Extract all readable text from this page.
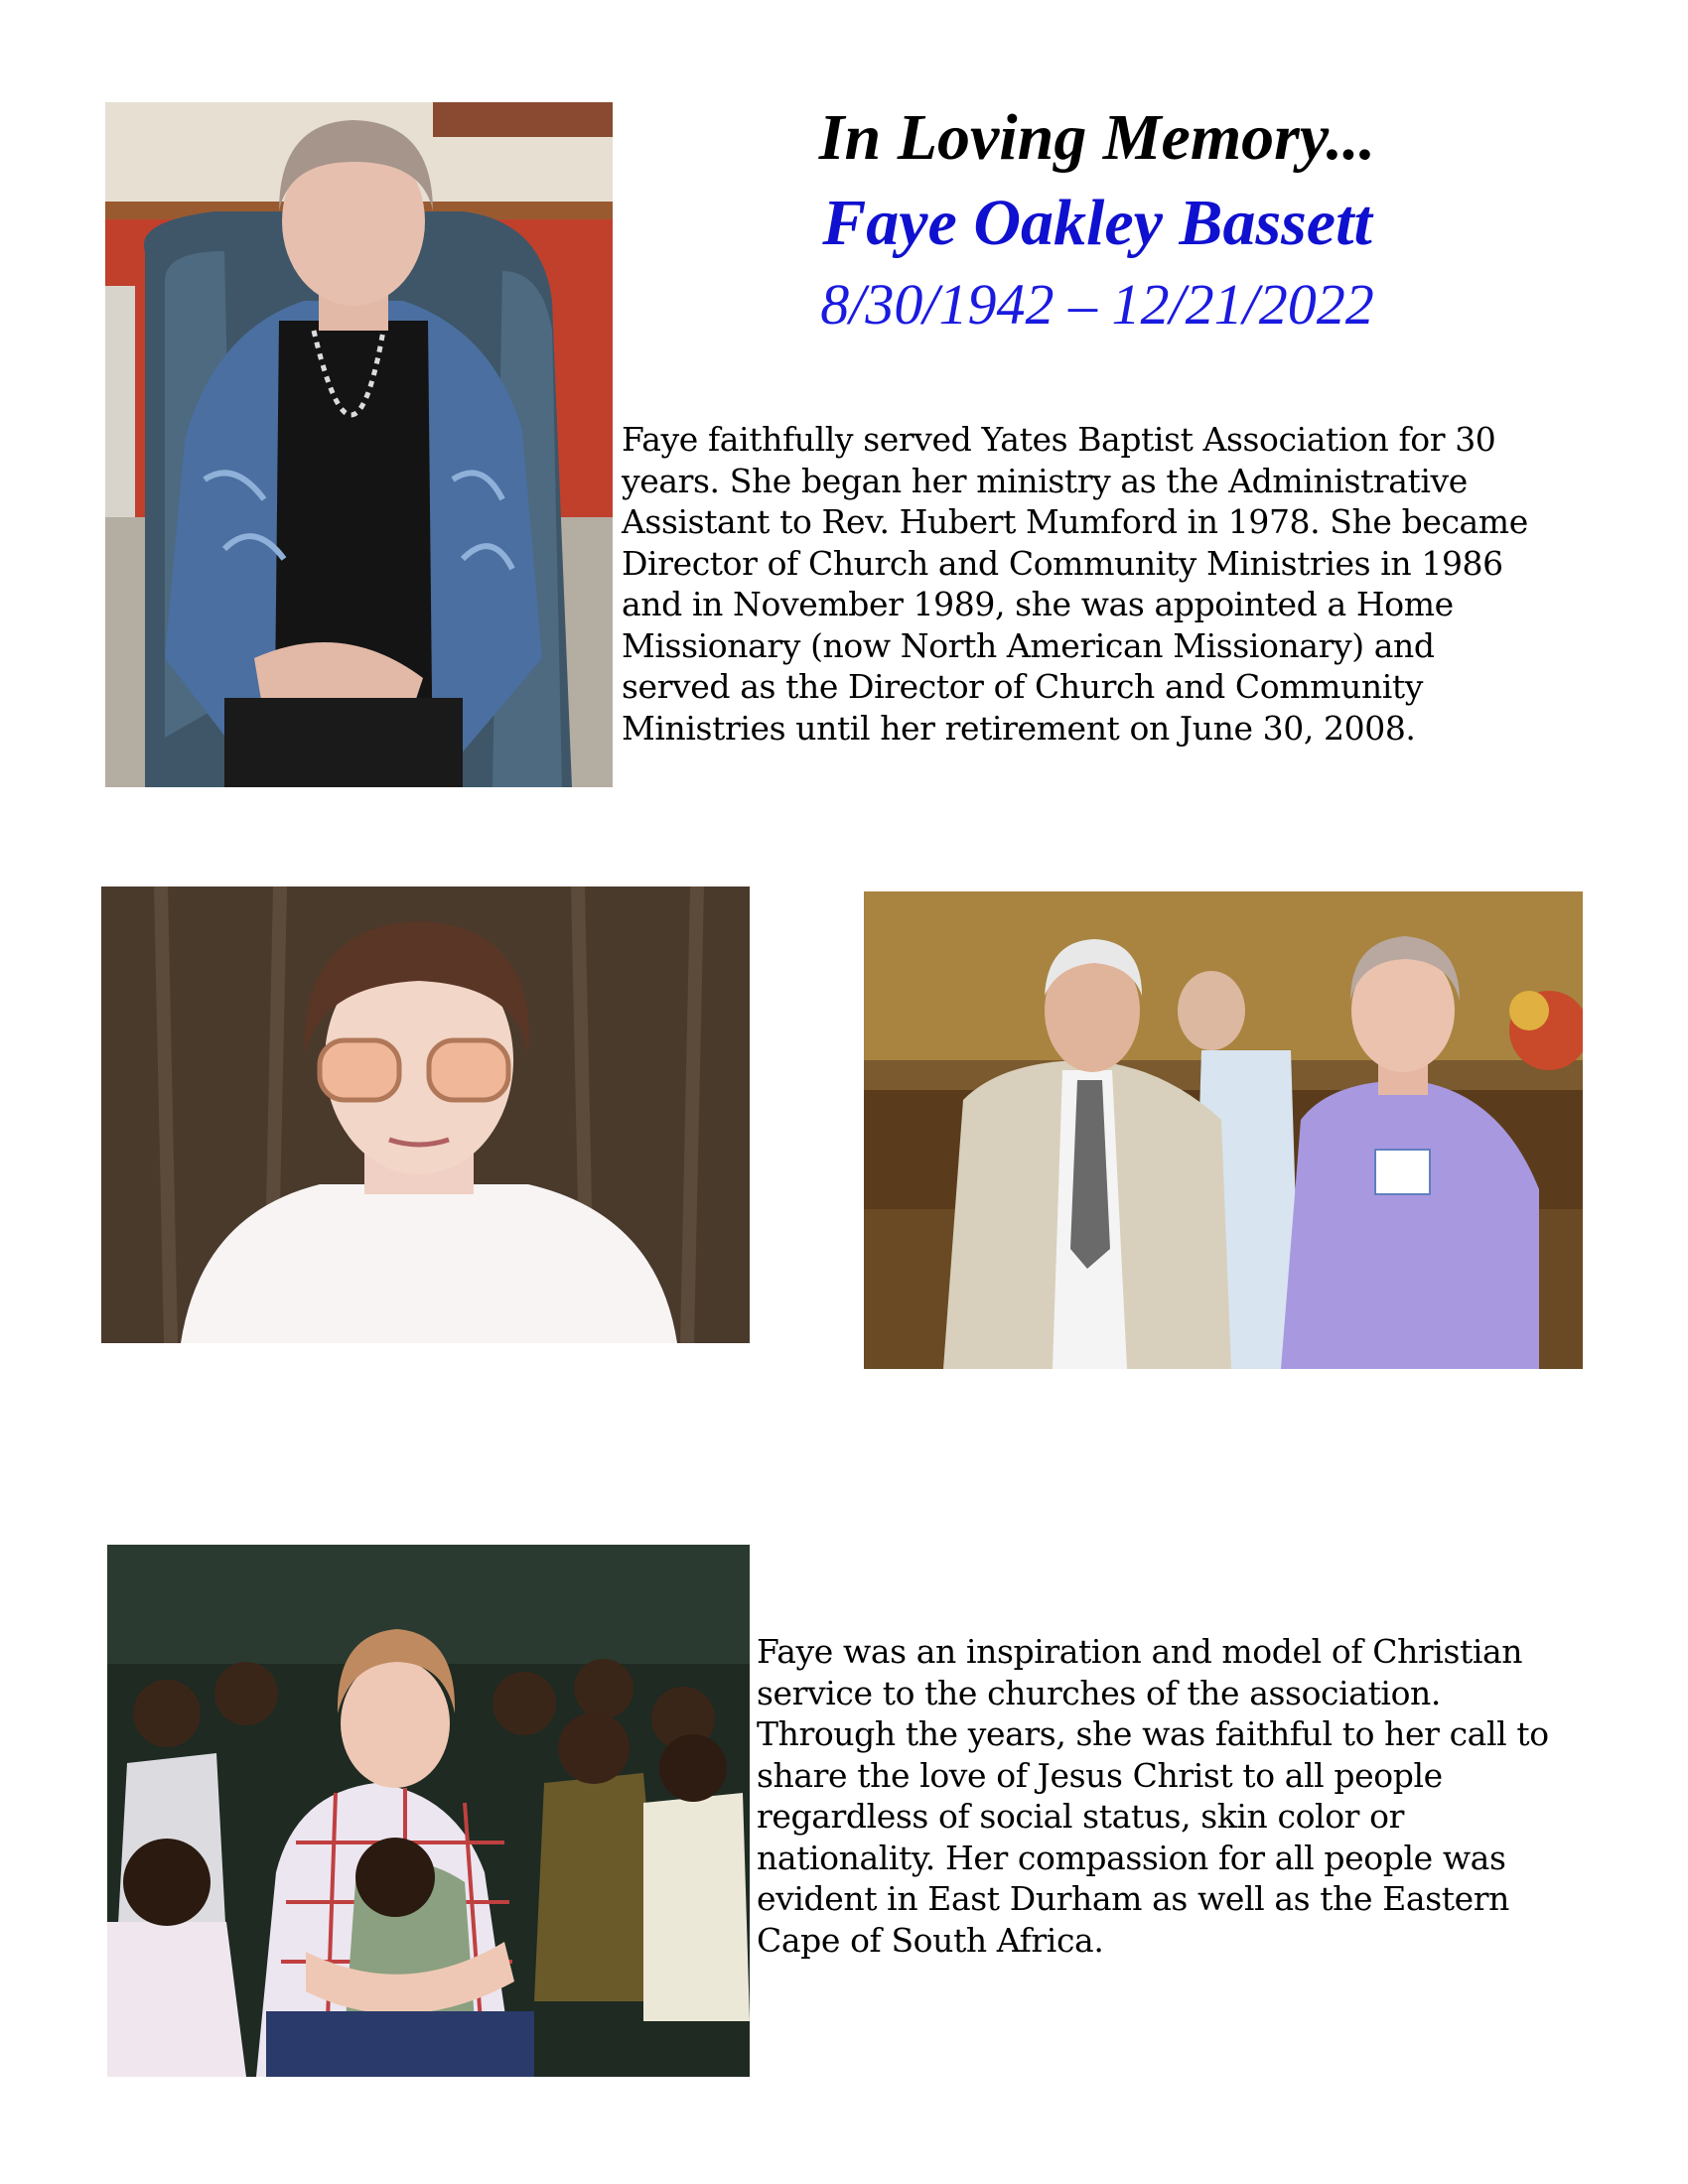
In Loving Memory...
Faye Oakley Bassett
8/30/1942 – 12/21/2022
Faye faithfully served Yates Baptist Association for 30
years. She began her ministry as the Administrative
Assistant to Rev. Hubert Mumford in 1978. She became
Director of Church and Community Ministries in 1986
and in November 1989, she was appointed a Home
Missionary (now North American Missionary) and
served as the Director of Church and Community
Ministries until her retirement on June 30, 2008.
Faye was an inspiration and model of Christian
service to the churches of the association.
Through the years, she was faithful to her call to
share the love of Jesus Christ to all people
regardless of social status, skin color or
nationality. Her compassion for all people was
evident in East Durham as well as the Eastern
Cape of South Africa.
